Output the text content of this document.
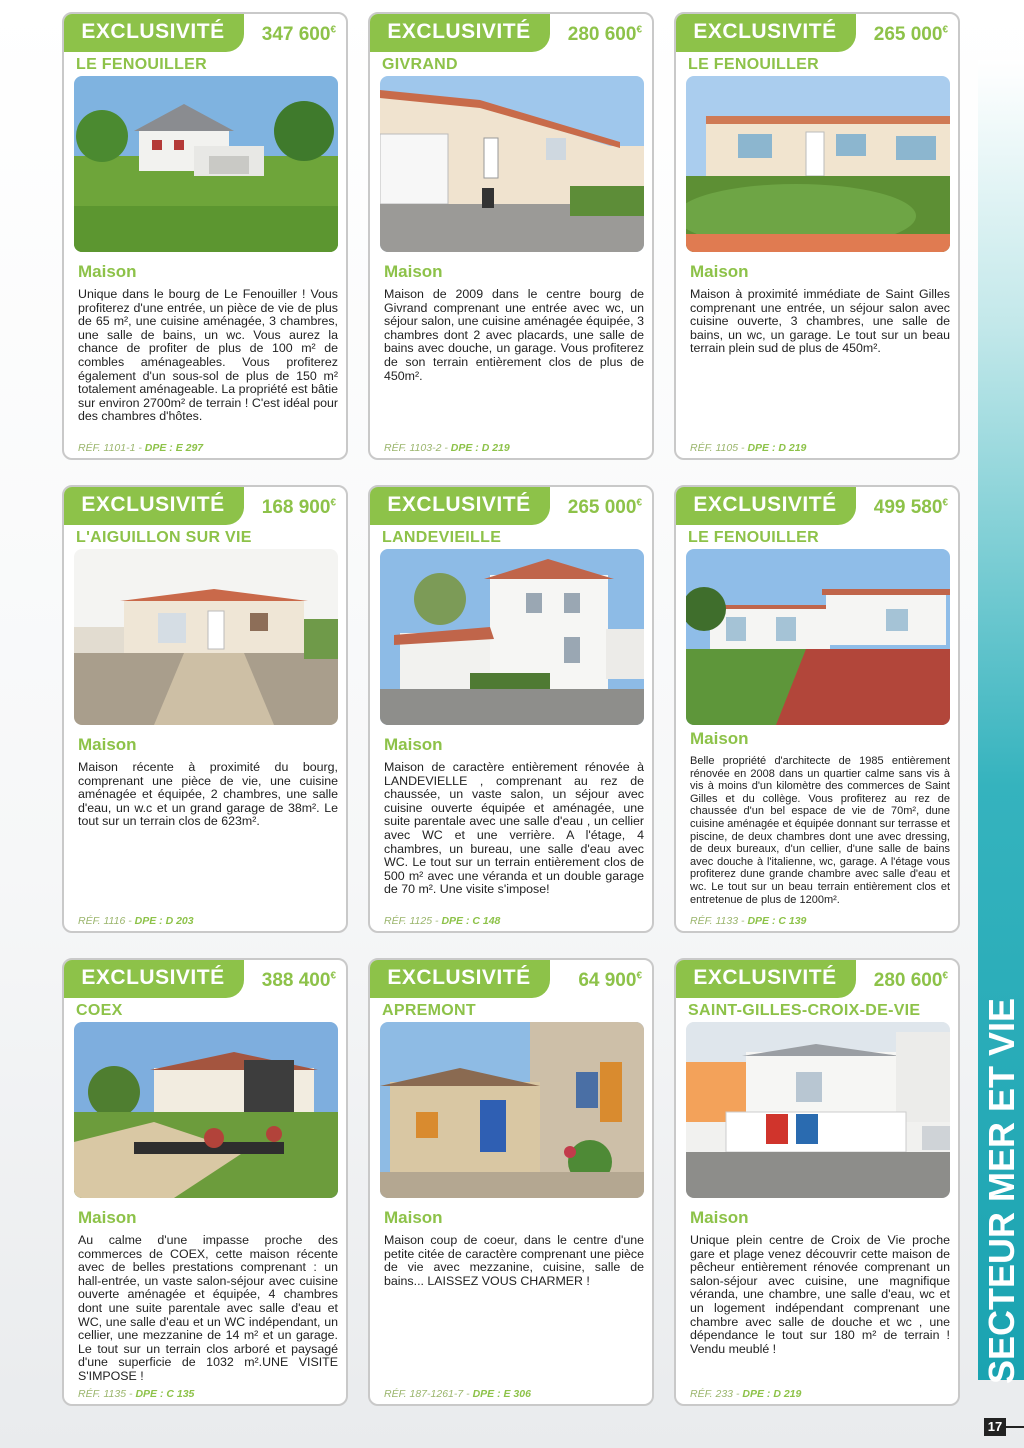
EXCLUSIVITÉ	347 600€
LE FENOUILLER
Maison
Unique dans le bourg de Le Fenouiller ! Vous profiterez d'une entrée, un pièce de vie de plus de 65 m², une cuisine aménagée, 3 chambres, une salle de bains, un wc. Vous aurez la chance de profiter de plus de 100 m² de combles aménageables. Vous profiterez également d'un sous-sol de plus de 150 m² totalement aménageable. La propriété est bâtie sur environ 2700m² de terrain ! C'est idéal pour des chambres d'hôtes.
RÉF. 1101-1 - DPE : E 297
EXCLUSIVITÉ	280 600€
GIVRAND
Maison
Maison de 2009 dans le centre bourg de Givrand comprenant une entrée avec wc, un séjour salon, une cuisine aménagée équipée, 3 chambres dont 2 avec placards, une salle de bains avec douche, un garage. Vous profiterez de son terrain entièrement clos de plus de 450m².
RÉF. 1103-2 - DPE : D 219
EXCLUSIVITÉ	265 000€
LE FENOUILLER
Maison
Maison à proximité immédiate de Saint Gilles comprenant une entrée, un séjour salon avec cuisine ouverte, 3 chambres, une salle de bains, un wc, un garage. Le tout sur un beau terrain plein sud de plus de 450m².
RÉF. 1105 - DPE : D 219
EXCLUSIVITÉ	168 900€
L'AIGUILLON SUR VIE
Maison
Maison récente à proximité du bourg, comprenant une pièce de vie, une cuisine aménagée et équipée, 2 chambres, une salle d'eau, un w.c et un grand garage de 38m². Le tout sur un terrain clos de 623m².
RÉF. 1116 - DPE : D 203
EXCLUSIVITÉ	265 000€
LANDEVIEILLE
Maison
Maison de caractère entièrement rénovée à LANDEVIELLE , comprenant au rez de chaussée, un vaste salon, un séjour avec cuisine ouverte équipée et aménagée, une suite parentale avec une salle d'eau , un cellier avec WC et une verrière. A l'étage, 4 chambres, un bureau, une salle d'eau avec WC. Le tout sur un terrain entièrement clos de 500 m² avec une véranda et un double garage de 70 m². Une visite s'impose!
RÉF. 1125 - DPE : C 148
EXCLUSIVITÉ	499 580€
LE FENOUILLER
Maison
Belle propriété d'architecte de 1985 entièrement rénovée en 2008 dans un quartier calme sans vis à vis à moins d'un kilomètre des commerces de Saint Gilles et du collège. Vous profiterez au rez de chaussée d'un bel espace de vie de 70m², dune cuisine aménagée et équipée donnant sur terrasse et piscine, de deux chambres dont une avec dressing, de deux bureaux, d'un cellier, d'une salle de bains avec douche à l'italienne, wc, garage. A l'étage vous profiterez dune grande chambre avec salle d'eau et wc. Le tout sur un beau terrain entièrement clos et entretenue de plus de 1200m².
RÉF. 1133 - DPE : C 139
EXCLUSIVITÉ	388 400€
COEX
Maison
Au calme d'une impasse proche des commerces de COEX, cette maison récente avec de belles prestations comprenant : un hall-entrée, un vaste salon-séjour avec cuisine ouverte aménagée et équipée, 4 chambres dont une suite parentale avec salle d'eau et WC, une salle d'eau et un WC indépendant, un cellier, une mezzanine de 14 m² et un garage. Le tout sur un terrain clos arboré et paysagé d'une superficie de 1032 m².UNE VISITE S'IMPOSE !
RÉF. 1135 - DPE : C 135
EXCLUSIVITÉ	64 900€
APREMONT
Maison
Maison coup de coeur, dans le centre d'une petite citée de caractère comprenant une pièce de vie avec mezzanine, cuisine, salle de bains... LAISSEZ VOUS CHARMER !
RÉF. 187-1261-7 - DPE : E 306
EXCLUSIVITÉ	280 600€
SAINT-GILLES-CROIX-DE-VIE
Maison
Unique plein centre de Croix de Vie proche gare et plage venez découvrir cette maison de pêcheur entièrement rénovée comprenant un salon-séjour avec cuisine, une magnifique véranda, une chambre, une salle d'eau, wc et un logement indépendant comprenant une chambre avec salle de douche et wc , une dépendance le tout sur 180 m² de terrain ! Vendu meublé !
RÉF. 233 - DPE : D 219
SECTEUR MER ET VIE
17
